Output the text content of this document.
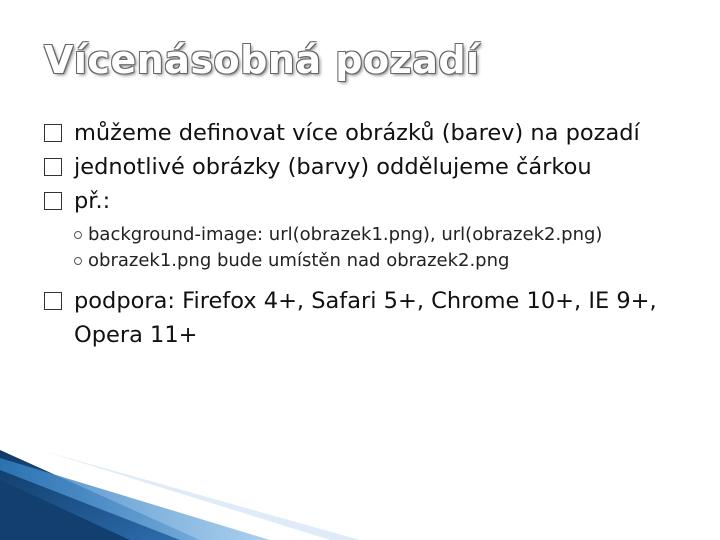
Vícenásobná pozadí
můžeme definovat více obrázků (barev) na pozadí
jednotlivé obrázky (barvy) oddělujeme čárkou
př.:
background-image: url(obrazek1.png), url(obrazek2.png)
obrazek1.png bude umístěn nad obrazek2.png
podpora: Firefox 4+, Safari 5+, Chrome 10+, IE 9+, Opera 11+
